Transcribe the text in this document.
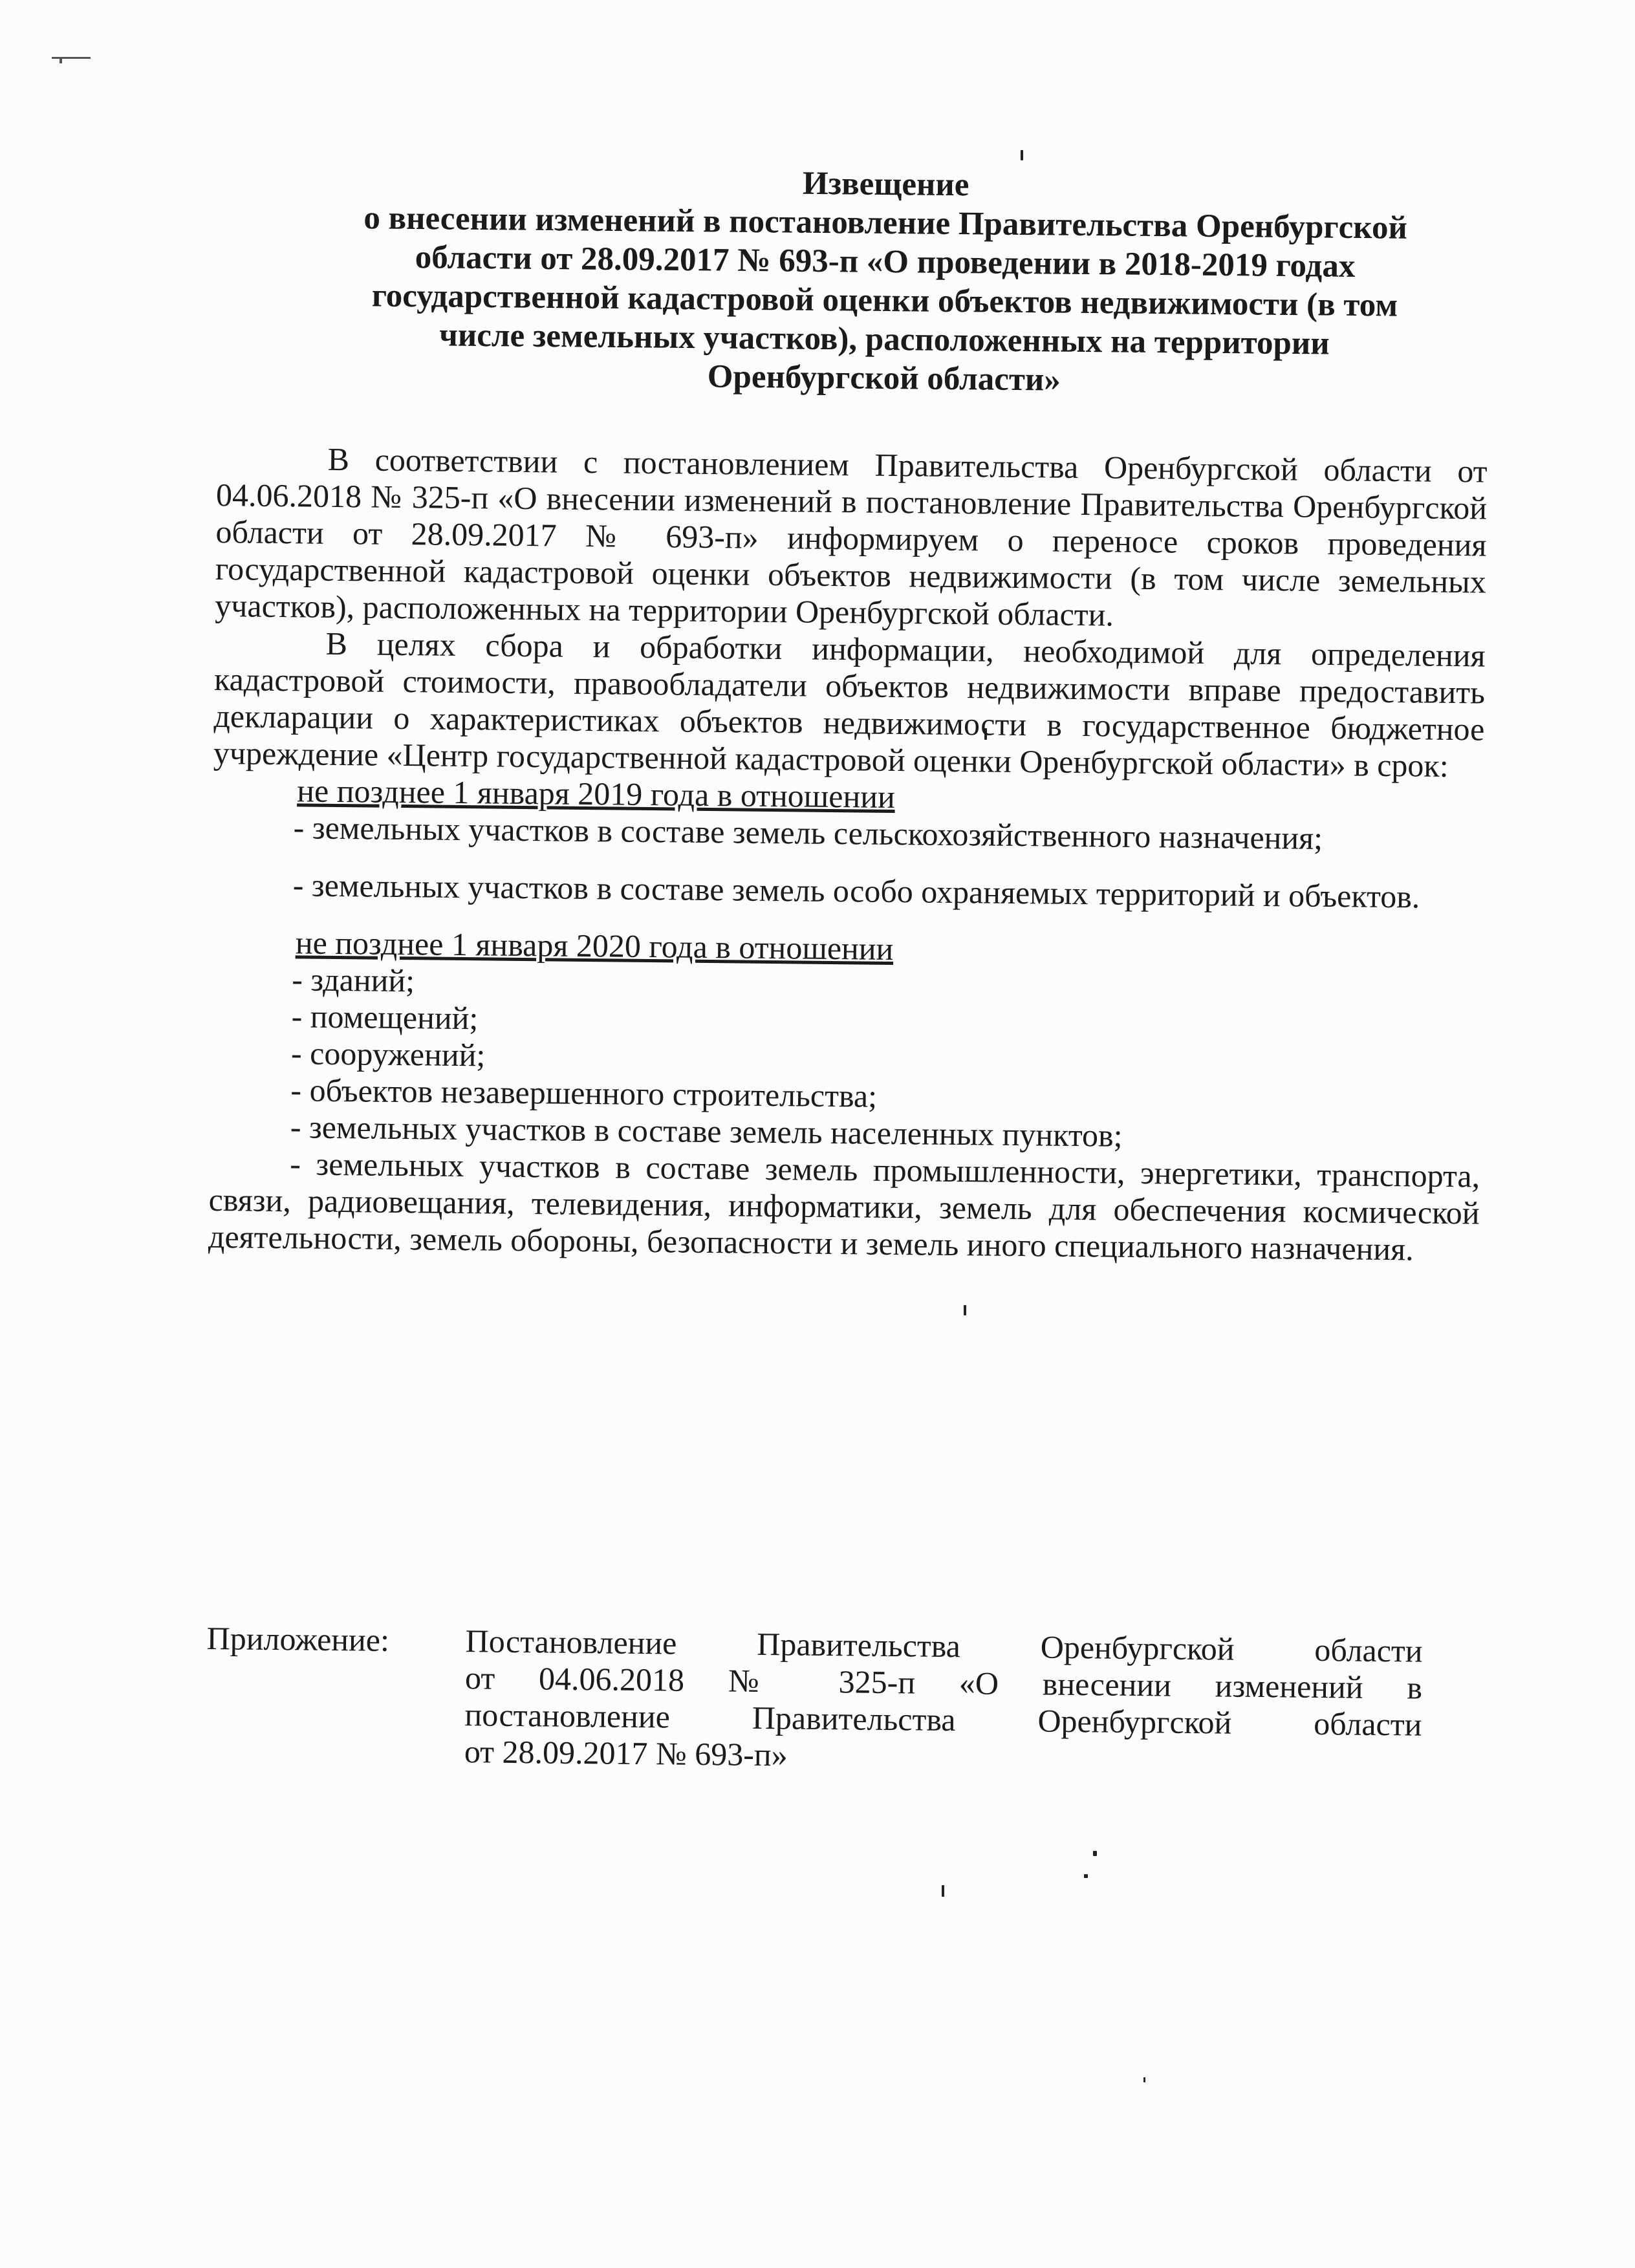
Извещение
о внесении изменений в постановление Правительства Оренбургской
области от 28.09.2017 № 693-п «О проведении в 2018-2019 годах
государственной кадастровой оценки объектов недвижимости (в том
числе земельных участков), расположенных на территории
Оренбургской области»

В соответствии с постановлением Правительства Оренбургской области от 04.06.2018 № 325-п «О внесении изменений в постановление Правительства Оренбургской области от 28.09.2017 № 693-п» информируем о переносе сроков проведения государственной кадастровой оценки объектов недвижимости (в том числе земельных участков), расположенных на территории Оренбургской области.

В целях сбора и обработки информации, необходимой для определения кадастровой стоимости, правообладатели объектов недвижимости вправе предоставить декларации о характеристиках объектов недвижимости в государственное бюджетное учреждение «Центр государственной кадастровой оценки Оренбургской области» в срок:

не позднее 1 января 2019 года в отношении

- земельных участков в составе земель сельскохозяйственного назначения;

- земельных участков в составе земель особо охраняемых территорий и объектов.

не позднее 1 января 2020 года в отношении

- зданий;

- помещений;

- сооружений;

- объектов незавершенного строительства;

- земельных участков в составе земель населенных пунктов;

- земельных участков в составе земель промышленности, энергетики, транспорта, связи, радиовещания, телевидения, информатики, земель для обеспечения космической деятельности, земель обороны, безопасности и земель иного специального назначения.

Приложение: Постановление Правительства Оренбургской области
от 04.06.2018 № 325-п «О внесении изменений в
постановление Правительства Оренбургской области
от 28.09.2017 № 693-п»
